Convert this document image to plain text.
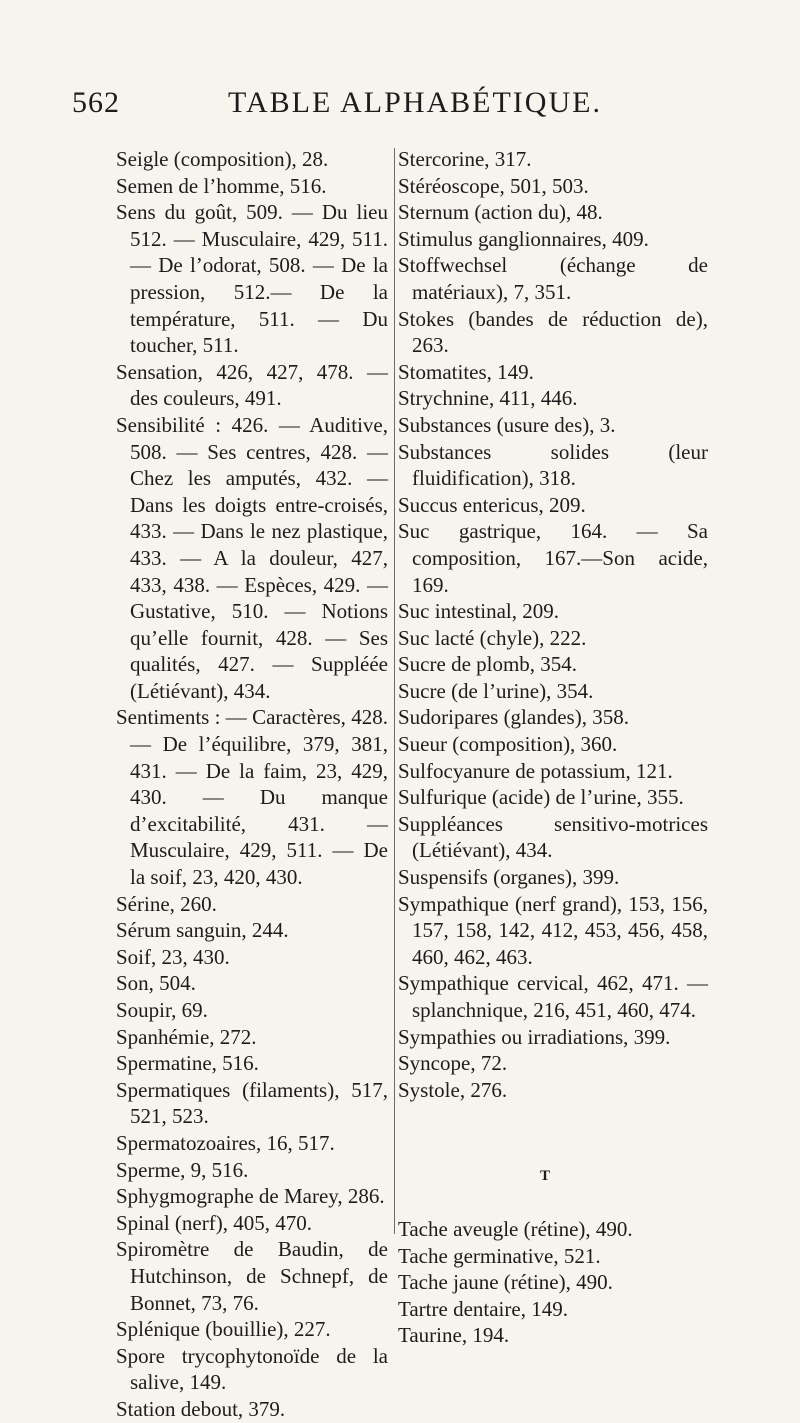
562	TABLE ALPHABÉTIQUE.
Seigle (composition), 28.
Semen de l’homme, 516.
Sens du goût, 509. — Du lieu 512. — Musculaire, 429, 511. — De l’odorat, 508. — De la pression, 512.— De la température, 511. — Du toucher, 511.
Sensation, 426, 427, 478. — des couleurs, 491.
Sensibilité : 426. — Auditive, 508. — Ses centres, 428. — Chez les amputés, 432. — Dans les doigts entre-croisés, 433. — Dans le nez plastique, 433. — A la douleur, 427, 433, 438. — Espèces, 429. — Gustative, 510. — Notions qu’elle fournit, 428. — Ses qualités, 427. — Suppléée (Létiévant), 434.
Sentiments : — Caractères, 428. — De l’équilibre, 379, 381, 431. — De la faim, 23, 429, 430. — Du manque d’excitabilité, 431. — Musculaire, 429, 511. — De la soif, 23, 420, 430.
Sérine, 260.
Sérum sanguin, 244.
Soif, 23, 430.
Son, 504.
Soupir, 69.
Spanhémie, 272.
Spermatine, 516.
Spermatiques (filaments), 517, 521, 523.
Spermatozoaires, 16, 517.
Sperme, 9, 516.
Sphygmographe de Marey, 286.
Spinal (nerf), 405, 470.
Spiromètre de Baudin, de Hutchinson, de Schnepf, de Bonnet, 73, 76.
Splénique (bouillie), 227.
Spore trycophytonoïde de la salive, 149.
Station debout, 379.
Stercorine, 317.
Stéréoscope, 501, 503.
Sternum (action du), 48.
Stimulus ganglionnaires, 409.
Stoffwechsel (échange de matériaux), 7, 351.
Stokes (bandes de réduction de), 263.
Stomatites, 149.
Strychnine, 411, 446.
Substances (usure des), 3.
Substances solides (leur fluidification), 318.
Succus entericus, 209.
Suc gastrique, 164. — Sa composition, 167.—Son acide, 169.
Suc intestinal, 209.
Suc lacté (chyle), 222.
Sucre de plomb, 354.
Sucre (de l’urine), 354.
Sudoripares (glandes), 358.
Sueur (composition), 360.
Sulfocyanure de potassium, 121.
Sulfurique (acide) de l’urine, 355.
Suppléances sensitivo-motrices (Létiévant), 434.
Suspensifs (organes), 399.
Sympathique (nerf grand), 153, 156, 157, 158, 142, 412, 453, 456, 458, 460, 462, 463.
Sympathique cervical, 462, 471. — splanchnique, 216, 451, 460, 474.
Sympathies ou irradiations, 399.
Syncope, 72.
Systole, 276.
T
Tache aveugle (rétine), 490.
Tache germinative, 521.
Tache jaune (rétine), 490.
Tartre dentaire, 149.
Taurine, 194.
